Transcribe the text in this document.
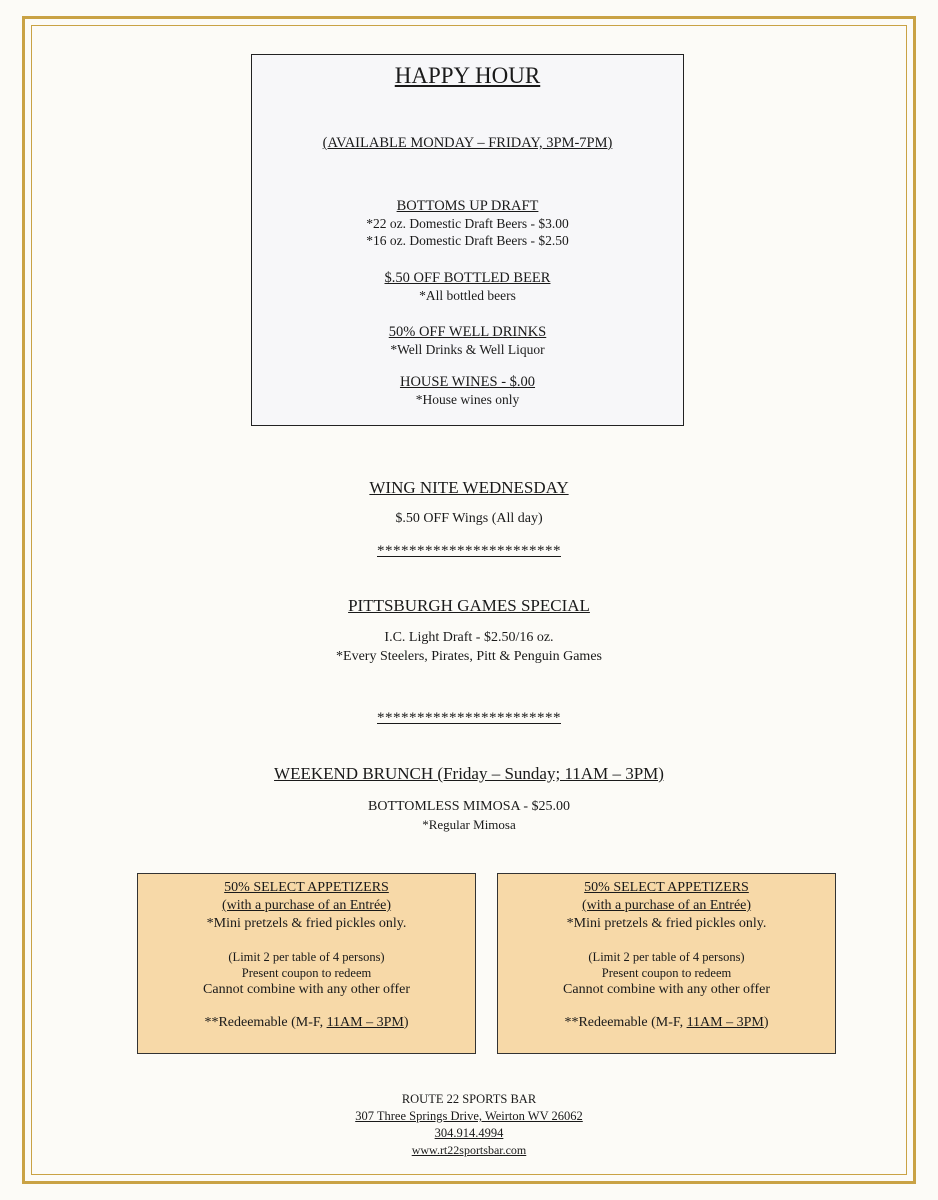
HAPPY HOUR
(AVAILABLE MONDAY – FRIDAY, 3PM-7PM)
BOTTOMS UP DRAFT
*22 oz. Domestic Draft Beers - $3.00
*16 oz. Domestic Draft Beers - $2.50
$.50 OFF BOTTLED BEER
*All bottled beers
50% OFF WELL DRINKS
*Well Drinks & Well Liquor
HOUSE WINES - $.00
*House wines only
WING NITE WEDNESDAY
$.50 OFF Wings (All day)
***********************
PITTSBURGH GAMES SPECIAL
I.C. Light Draft - $2.50/16 oz.
*Every Steelers, Pirates, Pitt & Penguin Games
***********************
WEEKEND BRUNCH (Friday – Sunday; 11AM – 3PM)
BOTTOMLESS MIMOSA - $25.00
*Regular Mimosa
50% SELECT APPETIZERS
(with a purchase of an Entrée)
*Mini pretzels & fried pickles only.
(Limit 2 per table of 4 persons)
Present coupon to redeem
Cannot combine with any other offer
**Redeemable (M-F, 11AM – 3PM)
50% SELECT APPETIZERS
(with a purchase of an Entrée)
*Mini pretzels & fried pickles only.
(Limit 2 per table of 4 persons)
Present coupon to redeem
Cannot combine with any other offer
**Redeemable (M-F, 11AM – 3PM)
ROUTE 22 SPORTS BAR
307 Three Springs Drive, Weirton WV 26062
304.914.4994
www.rt22sportsbar.com
